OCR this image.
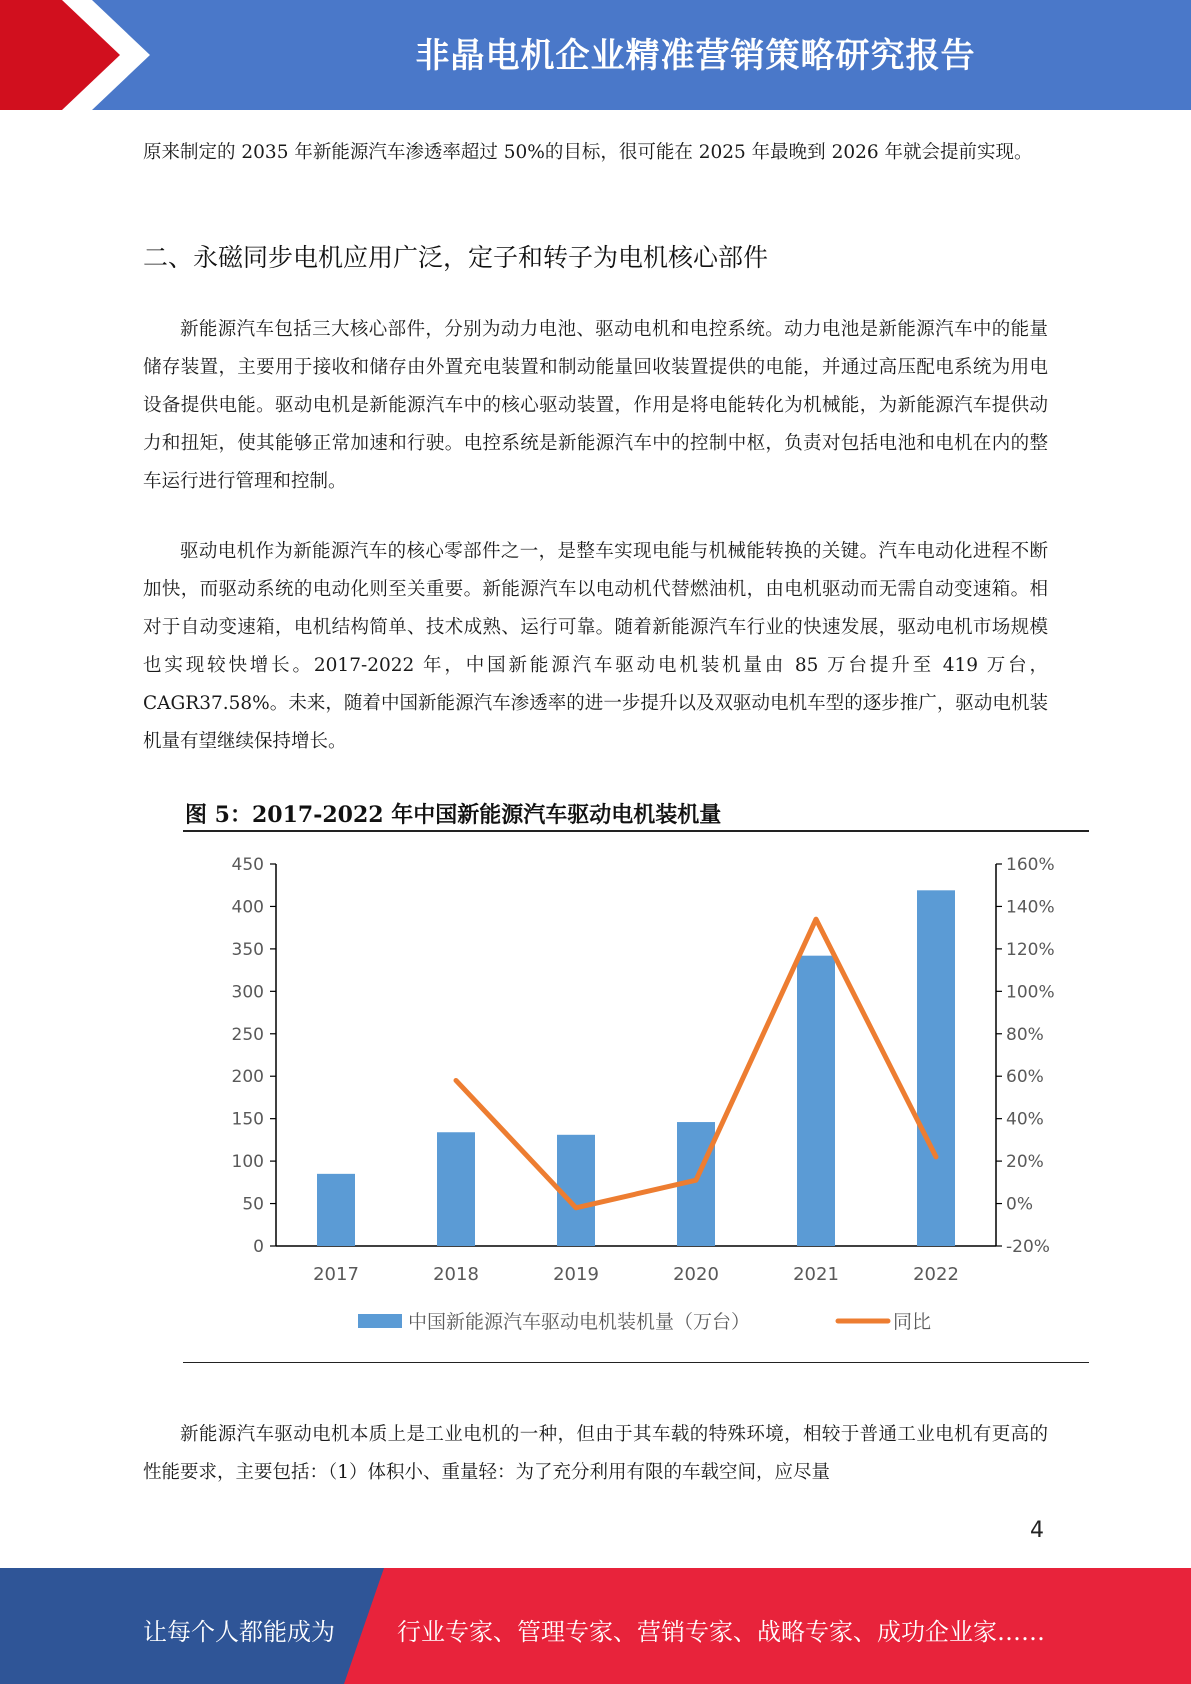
非晶电机企业精准营销策略研究报告

原来制定的 2035 年新能源汽车渗透率超过 50%的目标，很可能在 2025 年最晚到 2026 年就会提前实现。

二、永磁同步电机应用广泛，定子和转子为电机核心部件

新能源汽车包括三大核心部件，分别为动力电池、驱动电机和电控系统。动力电池是新能源汽车中的能量储存装置，主要用于接收和储存由外置充电装置和制动能量回收装置提供的电能，并通过高压配电系统为用电设备提供电能。驱动电机是新能源汽车中的核心驱动装置，作用是将电能转化为机械能，为新能源汽车提供动力和扭矩，使其能够正常加速和行驶。电控系统是新能源汽车中的控制中枢，负责对包括电池和电机在内的整车运行进行管理和控制。

驱动电机作为新能源汽车的核心零部件之一，是整车实现电能与机械能转换的关键。汽车电动化进程不断加快，而驱动系统的电动化则至关重要。新能源汽车以电动机代替燃油机，由电机驱动而无需自动变速箱。相对于自动变速箱，电机结构简单、技术成熟、运行可靠。随着新能源汽车行业的快速发展，驱动电机市场规模也实现较快增长。2017-2022 年，中国新能源汽车驱动电机装机量由 85 万台提升至 419 万台，CAGR37.58%。未来，随着中国新能源汽车渗透率的进一步提升以及双驱动电机车型的逐步推广，驱动电机装机量有望继续保持增长。

图 5：2017-2022 年中国新能源汽车驱动电机装机量
0
50
100
150
200
250
300
350
400
450
-20%
0%
20%
40%
60%
80%
100%
120%
140%
160%
2017	2018	2019	2020	2021	2022
中国新能源汽车驱动电机装机量（万台）	同比

新能源汽车驱动电机本质上是工业电机的一种，但由于其车载的特殊环境，相较于普通工业电机有更高的性能要求，主要包括：（1）体积小、重量轻：为了充分利用有限的车载空间，应尽量

4
让每个人都能成为	行业专家、管理专家、营销专家、战略专家、成功企业家……
